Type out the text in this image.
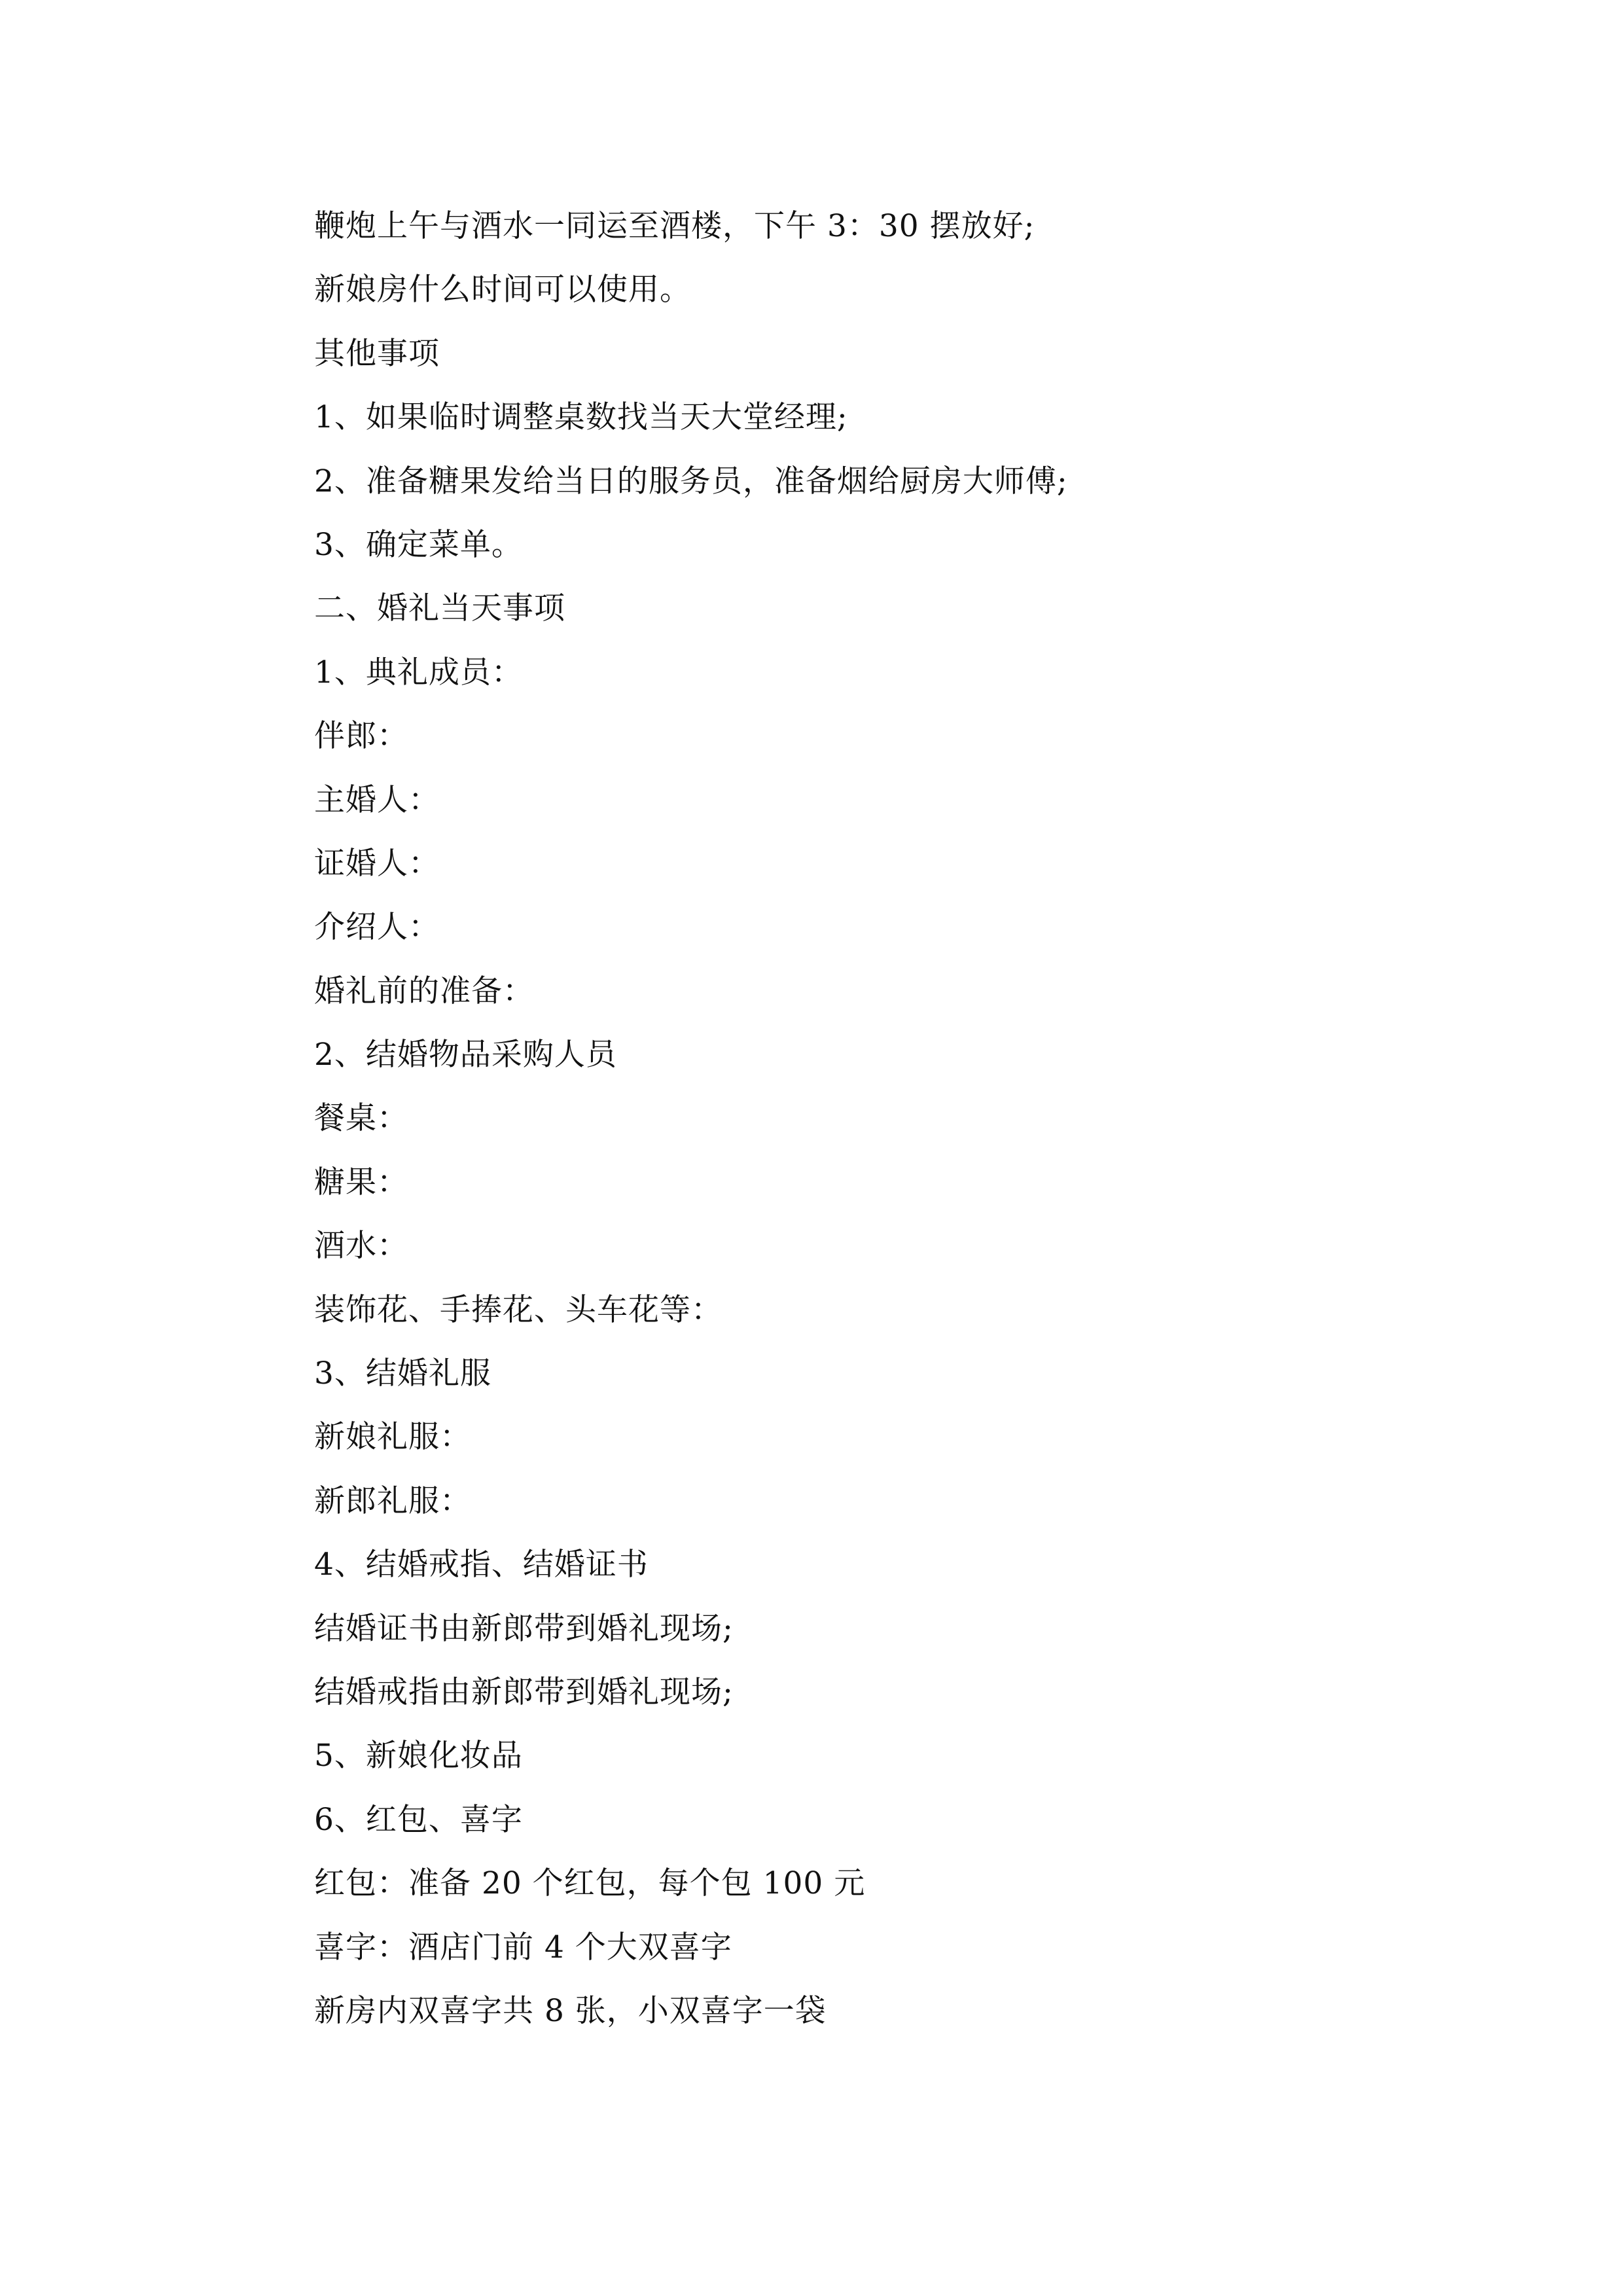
鞭炮上午与酒水一同运至酒楼，下午 3：30 摆放好;
新娘房什么时间可以使用。
其他事项
1、如果临时调整桌数找当天大堂经理;
2、准备糖果发给当日的服务员，准备烟给厨房大师傅;
3、确定菜单。
二、婚礼当天事项
1、典礼成员：
伴郎：
主婚人：
证婚人：
介绍人：
婚礼前的准备：
2、结婚物品采购人员
餐桌：
糖果：
酒水：
装饰花、手捧花、头车花等：
3、结婚礼服
新娘礼服：
新郎礼服：
4、结婚戒指、结婚证书
结婚证书由新郎带到婚礼现场;
结婚戒指由新郎带到婚礼现场;
5、新娘化妆品
6、红包、喜字
红包：准备 20 个红包，每个包 100 元
喜字：酒店门前 4 个大双喜字
新房内双喜字共 8 张，小双喜字一袋
